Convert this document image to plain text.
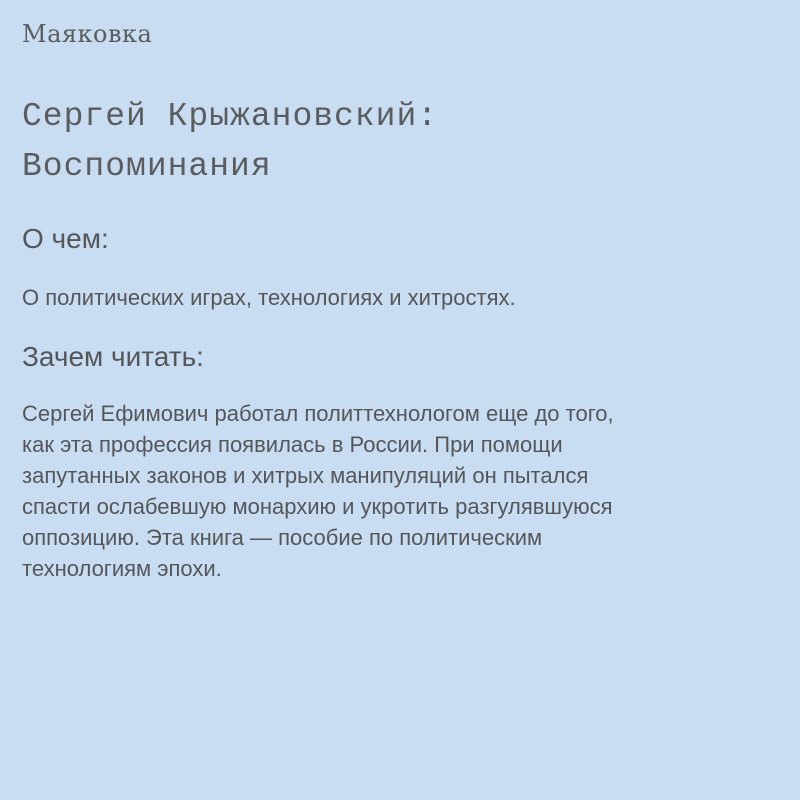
Маяковка
Сергей Крыжановский:
Воспоминания
О чем:

О политических играх, технологиях и хитростях.

Зачем читать:

Сергей Ефимович работал политтехнологом еще до того,
как эта профессия появилась в России. При помощи
запутанных законов и хитрых манипуляций он пытался
спасти ослабевшую монархию и укротить разгулявшуюся
оппозицию. Эта книга — пособие по политическим
технологиям эпохи.
